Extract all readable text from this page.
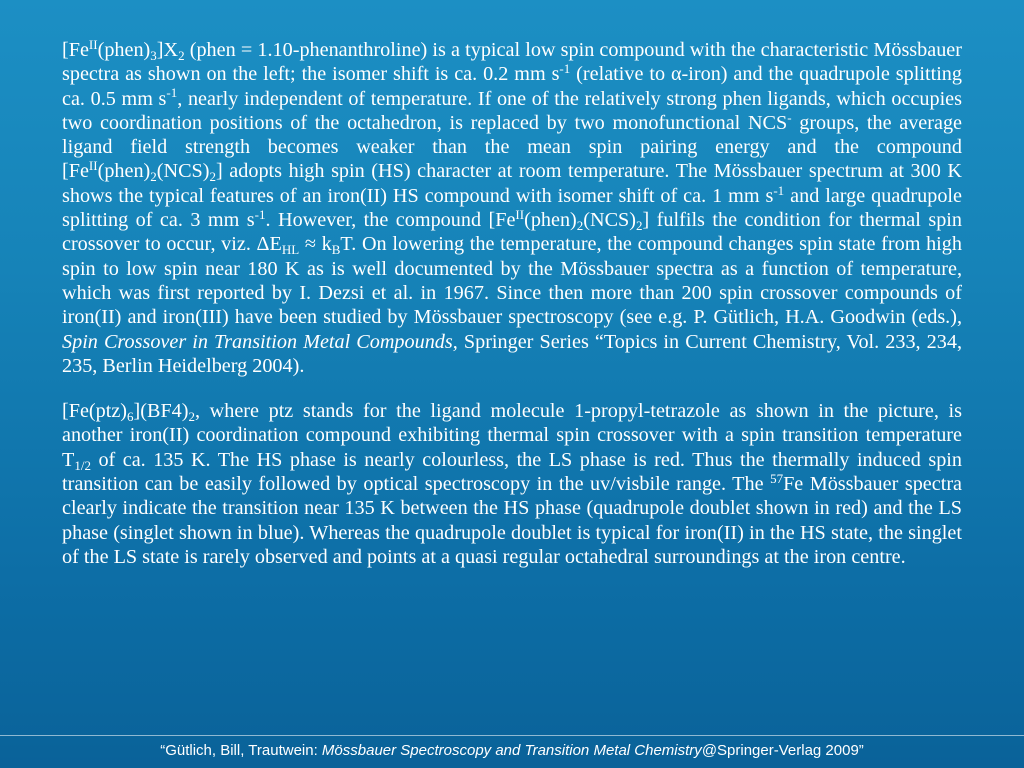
$[Fe^{II}(phen)_3]X_2$ (phen = 1.10-phenanthroline) is a typical low spin compound with the characteristic Mössbauer spectra as shown on the left; the isomer shift is ca. 0.2 mm $s^{-1}$ (relative to α-iron) and the quadrupole splitting ca. 0.5 mm $s^{-1}$, nearly independent of temperature. If one of the relatively strong phen ligands, which occupies two coordination positions of the octahedron, is replaced by two monofunctional NCS- groups, the average ligand field strength becomes weaker than the mean spin pairing energy and the compound $[Fe^{II}(phen)_2(NCS)_2]$ adopts high spin (HS) character at room temperature. The Mössbauer spectrum at 300 K shows the typical features of an iron(II) HS compound with isomer shift of ca. 1 mm $s^{-1}$ and large quadrupole splitting of ca. 3 mm $s^{-1}$. However, the compound $[Fe^{II}(phen)_2(NCS)_2]$ fulfils the condition for thermal spin crossover to occur, viz. $\Delta E_{HL} \approx k_BT$. On lowering the temperature, the compound changes spin state from high spin to low spin near 180 K as is well documented by the Mössbauer spectra as a function of temperature, which was first reported by I. Dezsi et al. in 1967. Since then more than 200 spin crossover compounds of iron(II) and iron(III) have been studied by Mössbauer spectroscopy (see e.g. P. Gütlich, H.A. Goodwin (eds.), Spin Crossover in Transition Metal Compounds, Springer Series “Topics in Current Chemistry, Vol. 233, 234, 235, Berlin Heidelberg 2004).

$[Fe(ptz)_6](BF4)_2$, where ptz stands for the ligand molecule 1-propyl-tetrazole as shown in the picture, is another iron(II) coordination compound exhibiting thermal spin crossover with a spin transition temperature $T_{1/2}$ of ca. 135 K. The HS phase is nearly colourless, the LS phase is red. Thus the thermally induced spin transition can be easily followed by optical spectroscopy in the uv/visbile range. The $^{57}$Fe Mössbauer spectra clearly indicate the transition near 135 K between the HS phase (quadrupole doublet shown in red) and the LS phase (singlet shown in blue). Whereas the quadrupole doublet is typical for iron(II) in the HS state, the singlet of the LS state is rarely observed and points at a quasi regular octahedral surroundings at the iron centre.

“Gütlich, Bill, Trautwein: Mössbauer Spectroscopy and Transition Metal Chemistry@Springer-Verlag 2009”
